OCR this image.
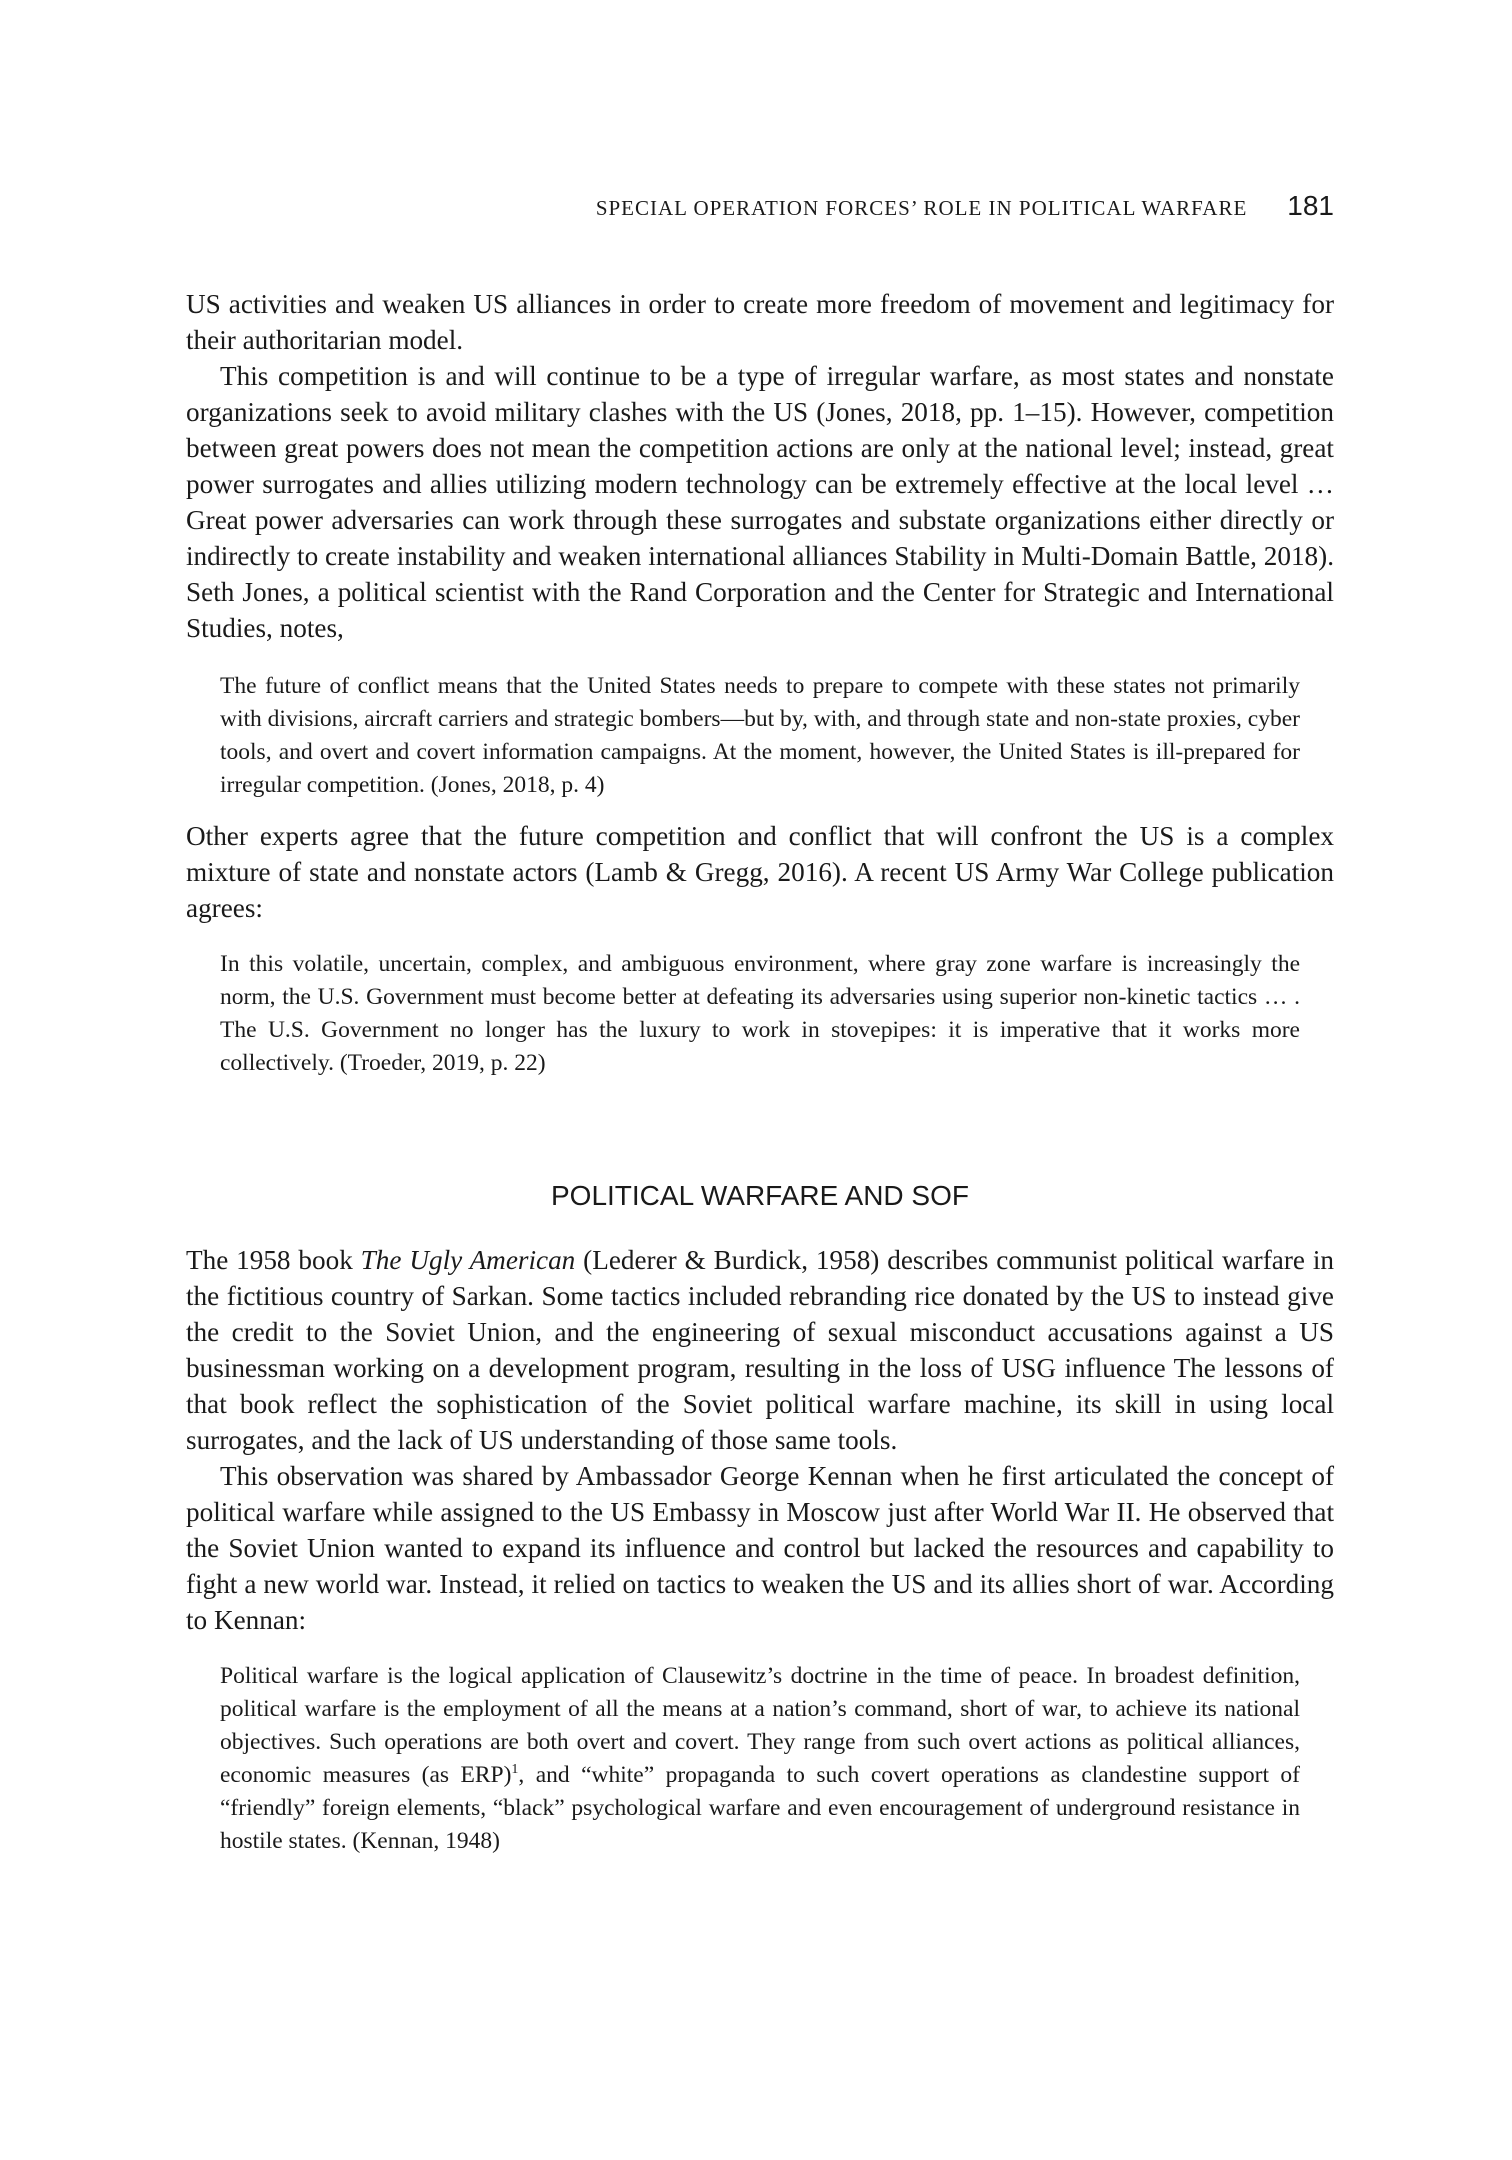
SPECIAL OPERATION FORCES’ ROLE IN POLITICAL WARFARE 181

US activities and weaken US alliances in order to create more freedom of movement and legitimacy for their authoritarian model.

This competition is and will continue to be a type of irregular warfare, as most states and nonstate organizations seek to avoid military clashes with the US (Jones, 2018, pp. 1–15). However, competition between great powers does not mean the competition actions are only at the national level; instead, great power surrogates and allies utilizing modern technology can be extremely effective at the local level … Great power adversaries can work through these surrogates and substate organizations either directly or indirectly to create instability and weaken international alliances Stability in Multi-Domain Battle, 2018). Seth Jones, a political scientist with the Rand Corporation and the Center for Strategic and International Studies, notes,

The future of conflict means that the United States needs to prepare to compete with these states not primarily with divisions, aircraft carriers and strategic bombers—but by, with, and through state and non-state proxies, cyber tools, and overt and covert information campaigns. At the moment, however, the United States is ill-prepared for irregular competition. (Jones, 2018, p. 4)

Other experts agree that the future competition and conflict that will confront the US is a complex mixture of state and nonstate actors (Lamb & Gregg, 2016). A recent US Army War College publication agrees:

In this volatile, uncertain, complex, and ambiguous environment, where gray zone warfare is increasingly the norm, the U.S. Government must become better at defeating its adversaries using superior non-kinetic tactics … . The U.S. Government no longer has the luxury to work in stovepipes: it is imperative that it works more collectively. (Troeder, 2019, p. 22)

POLITICAL WARFARE AND SOF

The 1958 book The Ugly American (Lederer & Burdick, 1958) describes communist political warfare in the fictitious country of Sarkan. Some tactics included rebranding rice donated by the US to instead give the credit to the Soviet Union, and the engineering of sexual misconduct accusations against a US businessman working on a development program, resulting in the loss of USG influence The lessons of that book reflect the sophistication of the Soviet political warfare machine, its skill in using local surrogates, and the lack of US understanding of those same tools.

This observation was shared by Ambassador George Kennan when he first articulated the concept of political warfare while assigned to the US Embassy in Moscow just after World War II. He observed that the Soviet Union wanted to expand its influence and control but lacked the resources and capability to fight a new world war. Instead, it relied on tactics to weaken the US and its allies short of war. According to Kennan:

Political warfare is the logical application of Clausewitz’s doctrine in the time of peace. In broadest definition, political warfare is the employment of all the means at a nation’s command, short of war, to achieve its national objectives. Such operations are both overt and covert. They range from such overt actions as political alliances, economic measures (as ERP)$^1$, and “white” propaganda to such covert operations as clandestine support of “friendly” foreign elements, “black” psychological warfare and even encouragement of underground resistance in hostile states. (Kennan, 1948)
